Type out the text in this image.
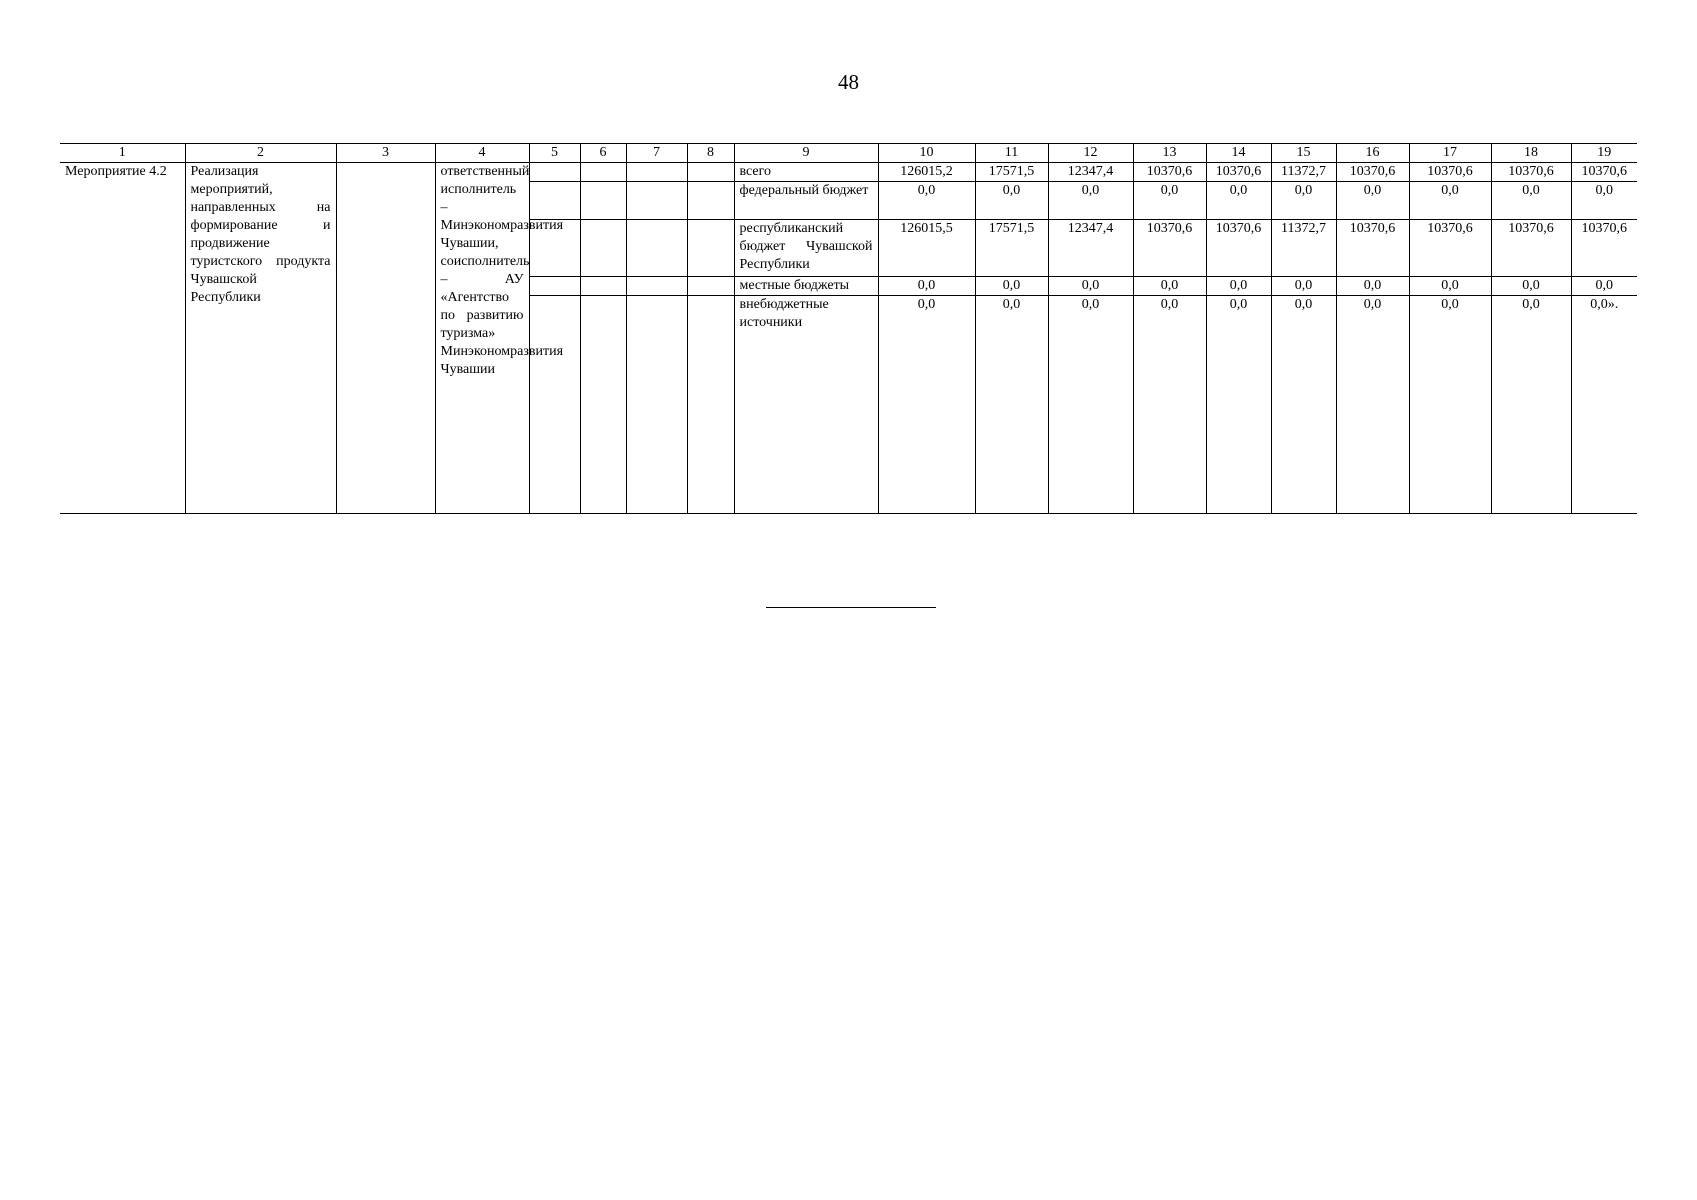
48
1	2	3	4	5	6	7	8	9	10	11	12	13	14	15	16	17	18	19
Мероприятие 4.2	Реализация мероприятий, направленных на формирование и продвижение туристского продукта Чувашской Республики		ответственный исполнитель – Минэкономразвития Чувашии, соисполнитель – АУ «Агентство по развитию туризма» Минэкономразвития Чувашии					всего	126015,2	17571,5	12347,4	10370,6	10370,6	11372,7	10370,6	10370,6	10370,6	10370,6
								федеральный бюджет	0,0	0,0	0,0	0,0	0,0	0,0	0,0	0,0	0,0	0,0
								республиканский бюджет Чувашской Республики	126015,5	17571,5	12347,4	10370,6	10370,6	11372,7	10370,6	10370,6	10370,6	10370,6
								местные бюджеты	0,0	0,0	0,0	0,0	0,0	0,0	0,0	0,0	0,0	0,0
								внебюджетные источники	0,0	0,0	0,0	0,0	0,0	0,0	0,0	0,0	0,0	0,0».
